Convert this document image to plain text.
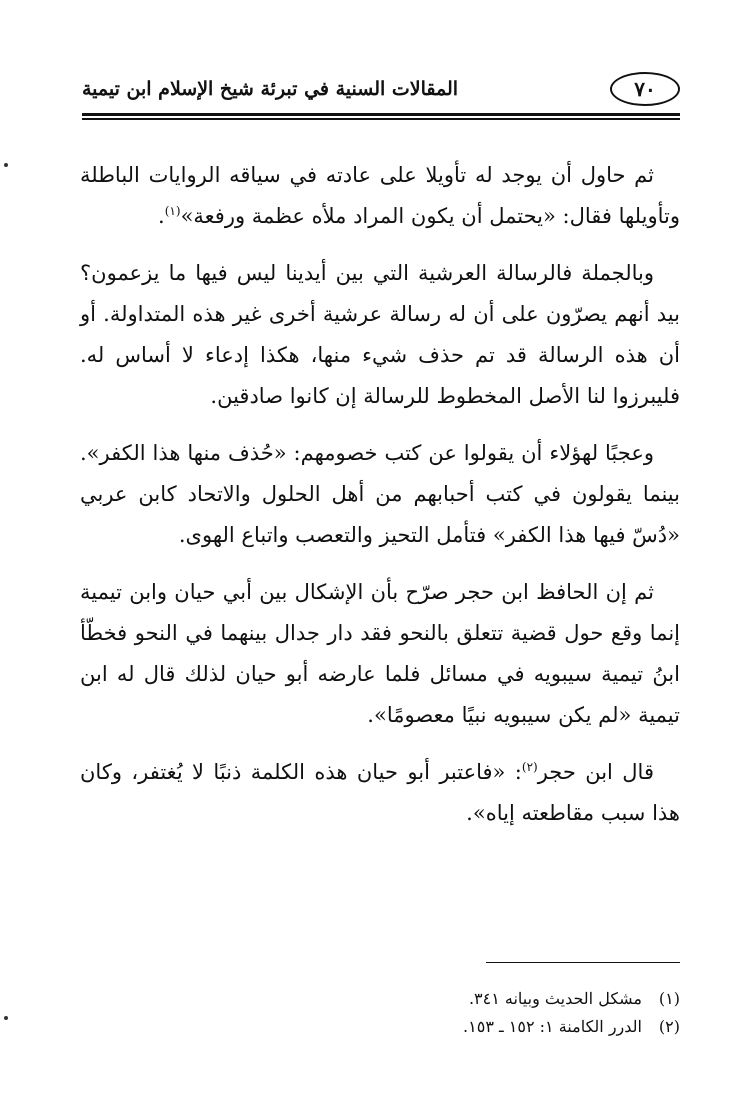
٧٠
المقالات السنية في تبرئة شيخ الإسلام ابن تيمية

ثم حاول أن يوجد له تأويلا على عادته في سياقه الروايات الباطلة وتأويلها فقال: «يحتمل أن يكون المراد ملأه عظمة ورفعة»$^{(١)}$.

وبالجملة فالرسالة العرشية التي بين أيدينا ليس فيها ما يزعمون؟ بيد أنهم يصرّون على أن له رسالة عرشية أخرى غير هذه المتداولة. أو أن هذه الرسالة قد تم حذف شيء منها، هكذا إدعاء لا أساس له. فليبرزوا لنا الأصل المخطوط للرسالة إن كانوا صادقين.

وعجبًا لهؤلاء أن يقولوا عن كتب خصومهم: «حُذف منها هذا الكفر». بينما يقولون في كتب أحبابهم من أهل الحلول والاتحاد كابن عربي «دُسّ فيها هذا الكفر» فتأمل التحيز والتعصب واتباع الهوى.

ثم إن الحافظ ابن حجر صرّح بأن الإشكال بين أبي حيان وابن تيمية إنما وقع حول قضية تتعلق بالنحو فقد دار جدال بينهما في النحو فخطّأ ابنُ تيمية سيبويه في مسائل فلما عارضه أبو حيان لذلك قال له ابن تيمية «لم يكن سيبويه نبيًا معصومًا».

قال ابن حجر$^{(٢)}$: «فاعتبر أبو حيان هذه الكلمة ذنبًا لا يُغتفر، وكان هذا سبب مقاطعته إياه».

(١)مشكل الحديث وبيانه ٣٤١.
(٢)الدرر الكامنة ١: ١٥٢ ـ ١٥٣.
